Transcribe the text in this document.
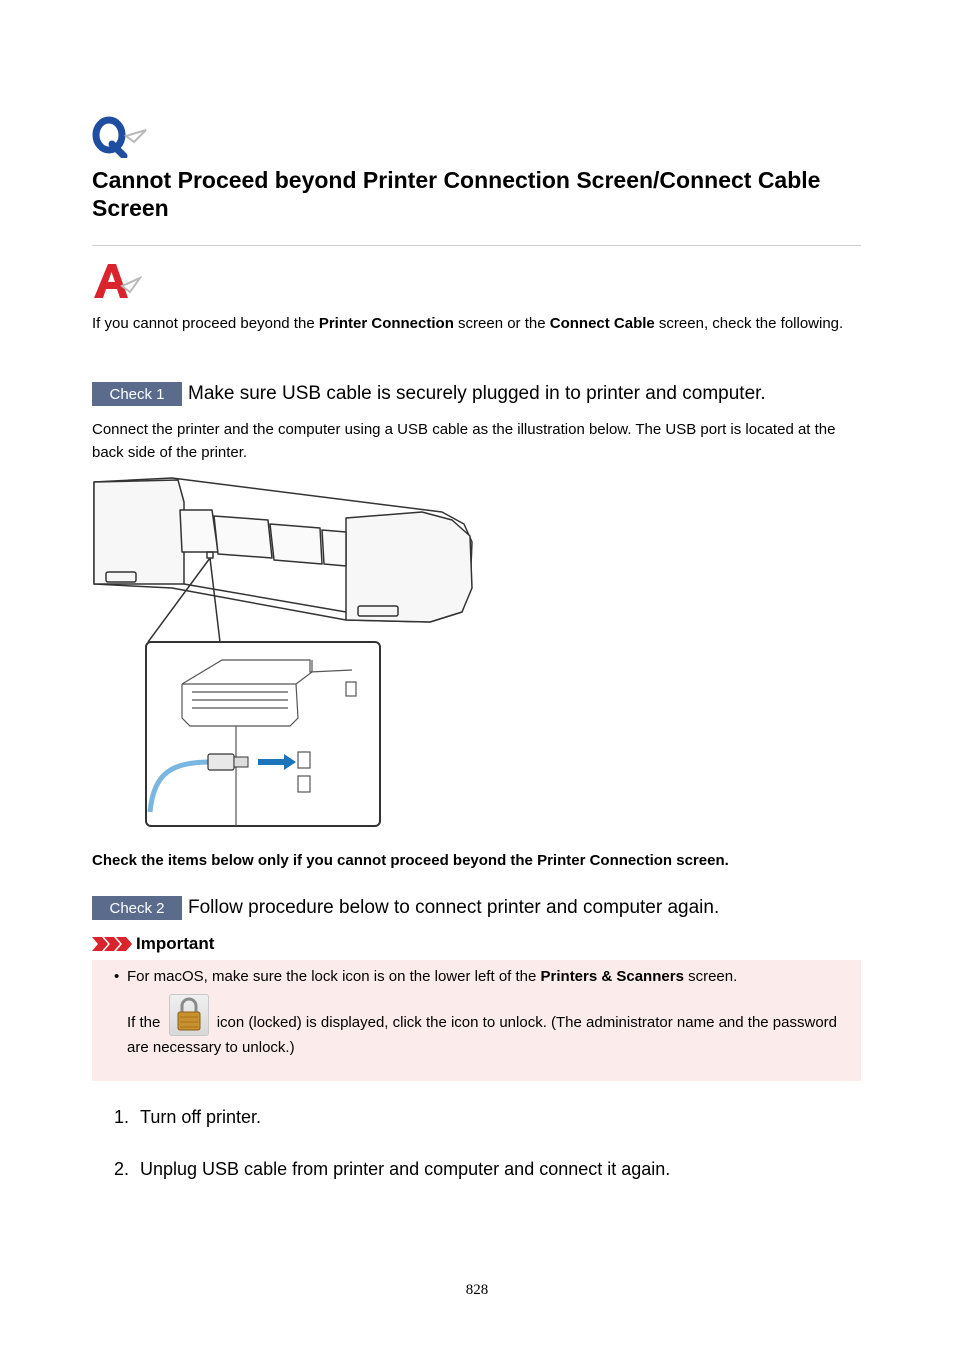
Cannot Proceed beyond Printer Connection Screen/Connect Cable Screen
If you cannot proceed beyond the Printer Connection screen or the Connect Cable screen, check the following.
Check 1	Make sure USB cable is securely plugged in to printer and computer.
Connect the printer and the computer using a USB cable as the illustration below. The USB port is located at the back side of the printer.
Check the items below only if you cannot proceed beyond the Printer Connection screen.
Check 2	Follow procedure below to connect printer and computer again.
Important
• For macOS, make sure the lock icon is on the lower left of the Printers & Scanners screen.
If the	icon (locked) is displayed, click the icon to unlock. (The administrator name and the password are necessary to unlock.)
1. Turn off printer.
2. Unplug USB cable from printer and computer and connect it again.
828
